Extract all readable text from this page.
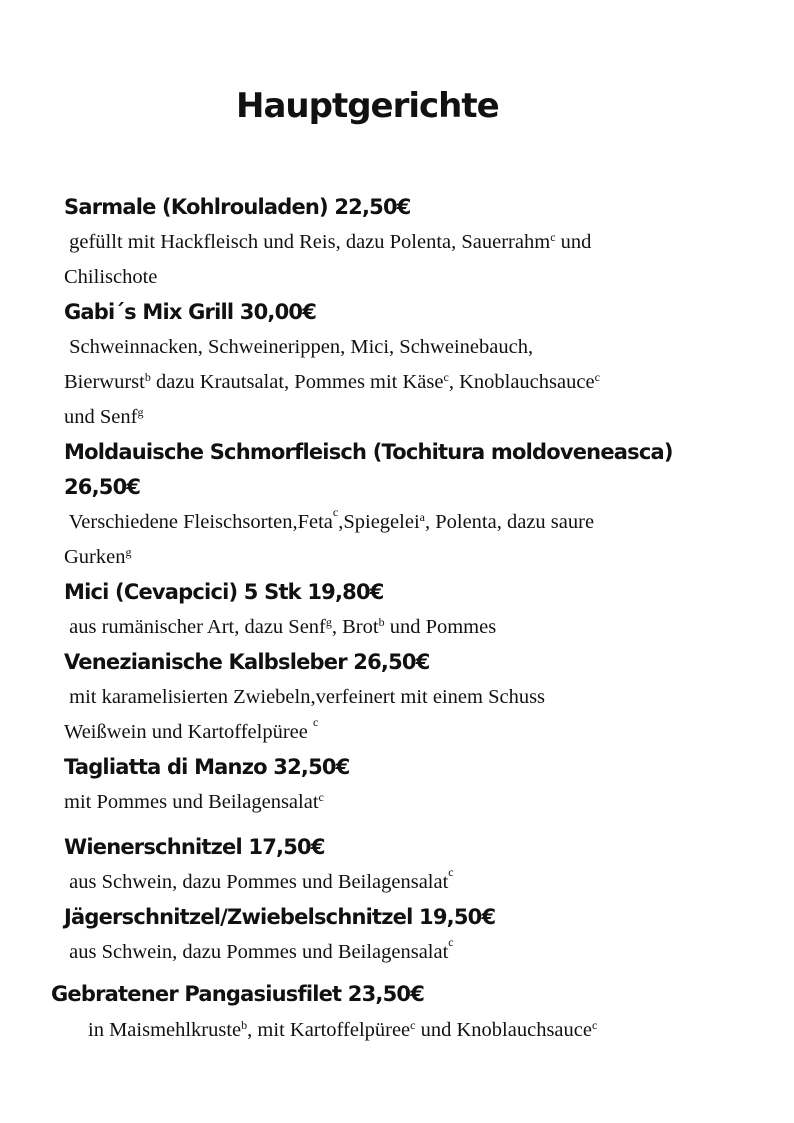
Hauptgerichte
Sarmale (Kohlrouladen) 22,50€
gefüllt mit Hackfleisch und Reis, dazu Polenta, Sauerrahm$^c$ und
Chilischote
Gabi´s Mix Grill 30,00€
Schweinnacken, Schweinerippen, Mici, Schweinebauch,
Bierwurst$^b$ dazu Krautsalat, Pommes mit Käse$^c$, Knoblauchsauce$^c$
und Senf$^g$
Moldauische Schmorfleisch (Tochitura moldoveneasca) 26,50€
Verschiedene Fleischsorten,Feta$^c$,Spiegelei$^a$, Polenta, dazu saure
Gurken$^g$
Mici (Cevapcici) 5 Stk 19,80€
aus rumänischer Art, dazu Senf$^g$, Brot$^b$ und Pommes
Venezianische Kalbsleber 26,50€
mit karamelisierten Zwiebeln,verfeinert mit einem Schuss
Weißwein und Kartoffelpüree $^c$
Tagliatta di Manzo 32,50€
mit Pommes und Beilagensalat$^c$
Wienerschnitzel 17,50€
aus Schwein, dazu Pommes und Beilagensalat$^c$
Jägerschnitzel/Zwiebelschnitzel 19,50€
aus Schwein, dazu Pommes und Beilagensalat$^c$
Gebratener Pangasiusfilet 23,50€
in Maismehlkruste$^b$, mit Kartoffelpüree$^c$ und Knoblauchsauce$^c$
